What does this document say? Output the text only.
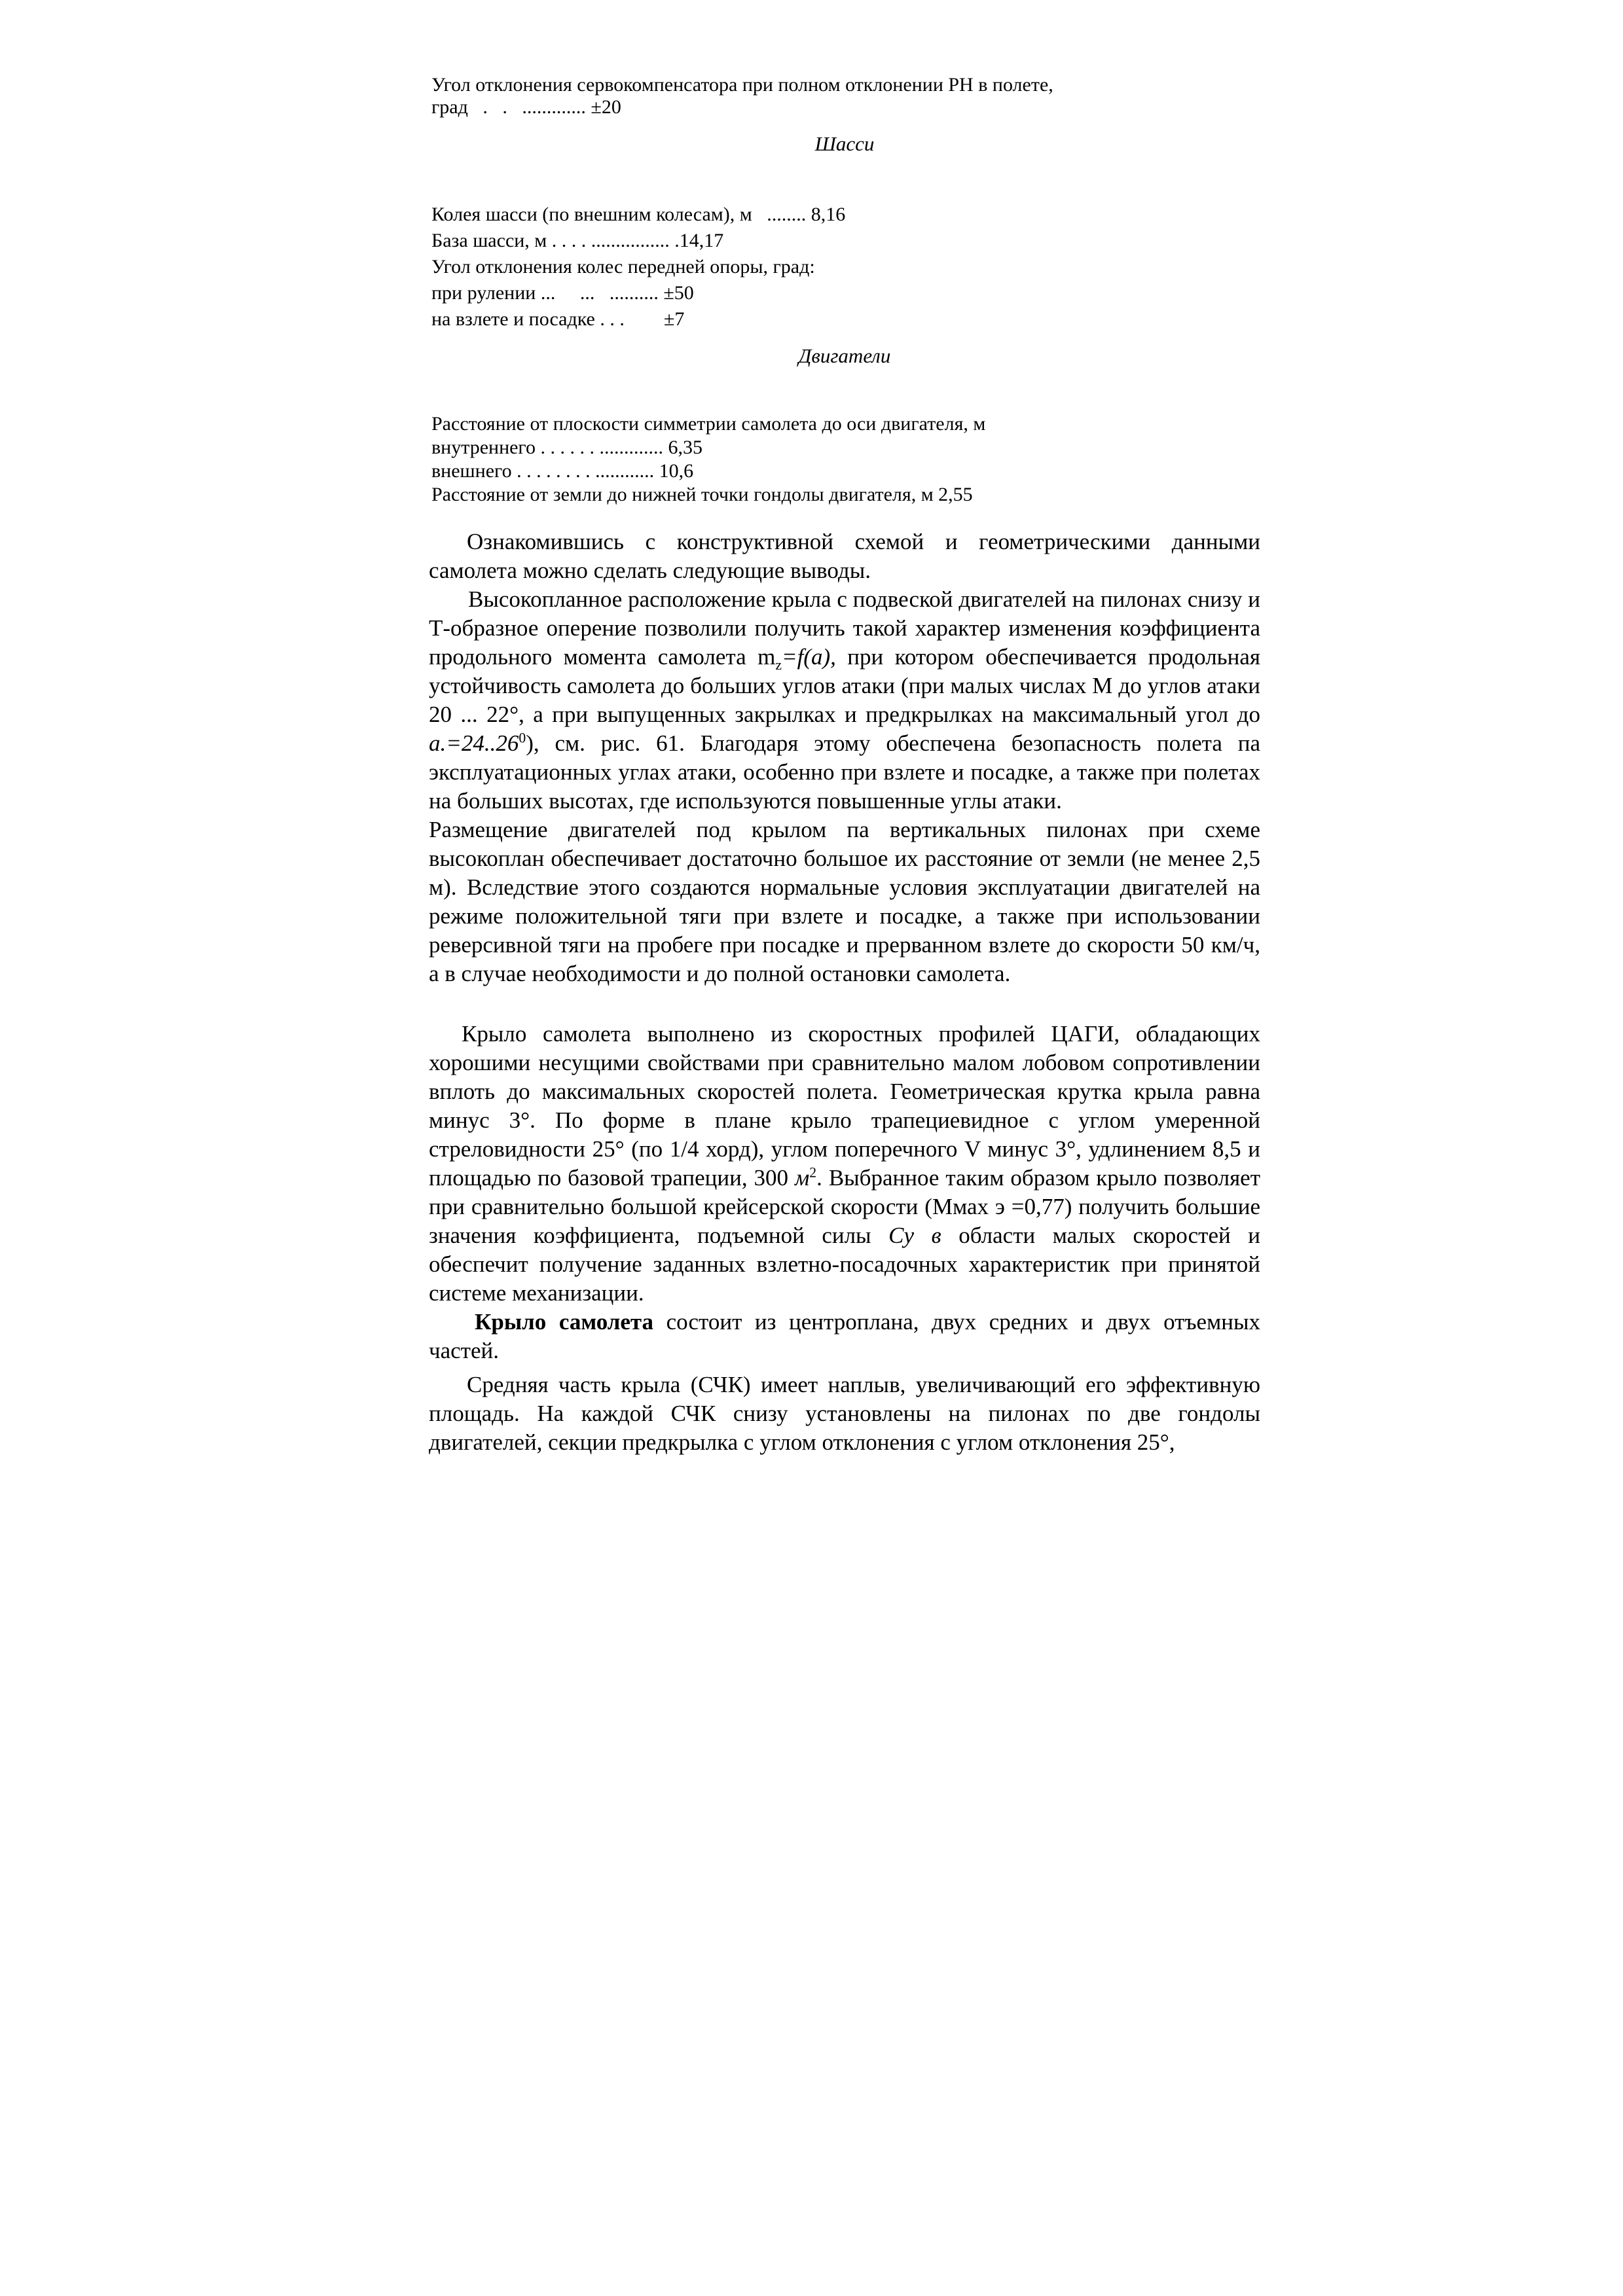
Угол отклонения сервокомпенсатора при полном отклонении РН в полете,
град   .   .   ............. ±20
Шасси
Колея шасси (по внешним колесам), м   ........ 8,16
База шасси, м . . . . ................ .14,17
Угол отклонения колес передней опоры, град:
при рулении ...     ...   .......... ±50
на взлете и посадке . . .        ±7
Двигатели
Расстояние от плоскости симметрии самолета до оси двигателя, м
внутреннего . . . . . . ............. 6,35
внешнего . . . . . . . . ............ 10,6
Расстояние от земли до нижней точки гондолы двигателя, м 2,55

Ознакомившись с конструктивной схемой и геометрическими данными самолета можно сделать следующие выводы.

Высокопланное расположение крыла с подвеской двигателей на пилонах снизу и Т-образное оперение позволили получить такой характер изменения коэффициента продольного момента самолета $m_z=f(a)$, при котором обеспечивается продольная устойчивость самолета до больших углов атаки (при малых числах М до углов атаки 20 ... 22°, а при выпущенных закрылках и предкрылках на максимальный угол до $a.=24..26^0$), см. рис. 61. Благодаря этому обеспечена безопасность полета па эксплуатационных углах атаки, особенно при взлете и посадке, а также при полетах на больших высотах, где используются повышенные углы атаки.

Размещение двигателей под крылом па вертикальных пилонах при схеме высокоплан обеспечивает достаточно большое их расстояние от земли (не менее 2,5 м). Вследствие этого создаются нормальные условия эксплуатации двигателей на режиме положительной тяги при взлете и посадке, а также при использовании реверсивной тяги на пробеге при посадке и прерванном взлете до скорости 50 км/ч, а в случае необходимости и до полной остановки самолета.

Крыло самолета выполнено из скоростных профилей ЦАГИ, обладающих хорошими несущими свойствами при сравнительно малом лобовом сопротивлении вплоть до максимальных скоростей полета. Геометрическая крутка крыла равна минус 3°. По форме в плане крыло трапециевидное с углом умеренной стреловидности 25° (по 1/4 хорд), углом поперечного V минус 3°, удлинением 8,5 и площадью по базовой трапеции, 300 $м^2$. Выбранное таким образом крыло позволяет при сравнительно большой крейсерской скорости (Ммах э =0,77) получить большие значения коэффициента, подъемной силы Су в области малых скоростей и обеспечит получение заданных взлетно-посадочных характеристик при принятой системе механизации.

Крыло самолета состоит из центроплана, двух средних и двух отъемных частей.

Средняя часть крыла (СЧК) имеет наплыв, увеличивающий его эффективную площадь. На каждой СЧК снизу установлены на пилонах по две гондолы двигателей, секции предкрылка с углом отклонения с углом отклонения 25°,
